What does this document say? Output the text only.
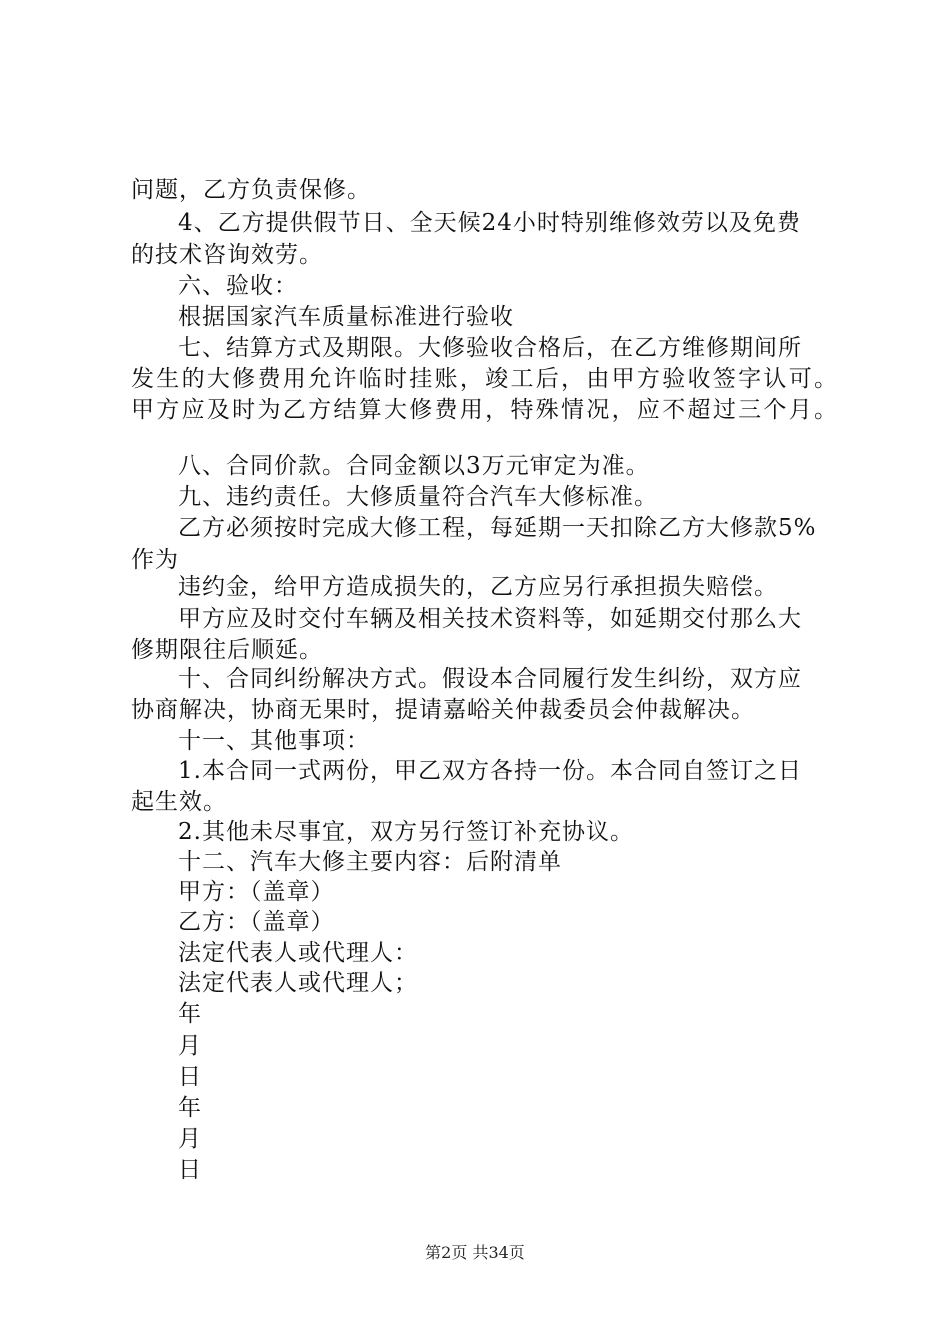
问题，乙方负责保修。
4、乙方提供假节日、全天候24小时特别维修效劳以及免费
的技术咨询效劳。
六、验收：
根据国家汽车质量标准进行验收
七、结算方式及期限。大修验收合格后，在乙方维修期间所
发生的大修费用允许临时挂账，竣工后，由甲方验收签字认可。
甲方应及时为乙方结算大修费用，特殊情况，应不超过三个月。
八、合同价款。合同金额以3万元审定为准。
九、违约责任。大修质量符合汽车大修标准。
乙方必须按时完成大修工程，每延期一天扣除乙方大修款5%
作为
违约金，给甲方造成损失的，乙方应另行承担损失赔偿。
甲方应及时交付车辆及相关技术资料等，如延期交付那么大
修期限往后顺延。
十、合同纠纷解决方式。假设本合同履行发生纠纷，双方应
协商解决，协商无果时，提请嘉峪关仲裁委员会仲裁解决。
十一、其他事项：
1.本合同一式两份，甲乙双方各持一份。本合同自签订之日
起生效。
2.其他未尽事宜，双方另行签订补充协议。
十二、汽车大修主要内容：后附清单
甲方：（盖章）
乙方：（盖章）
法定代表人或代理人：
法定代表人或代理人；
年
月
日
年
月
日
第2页 共34页
